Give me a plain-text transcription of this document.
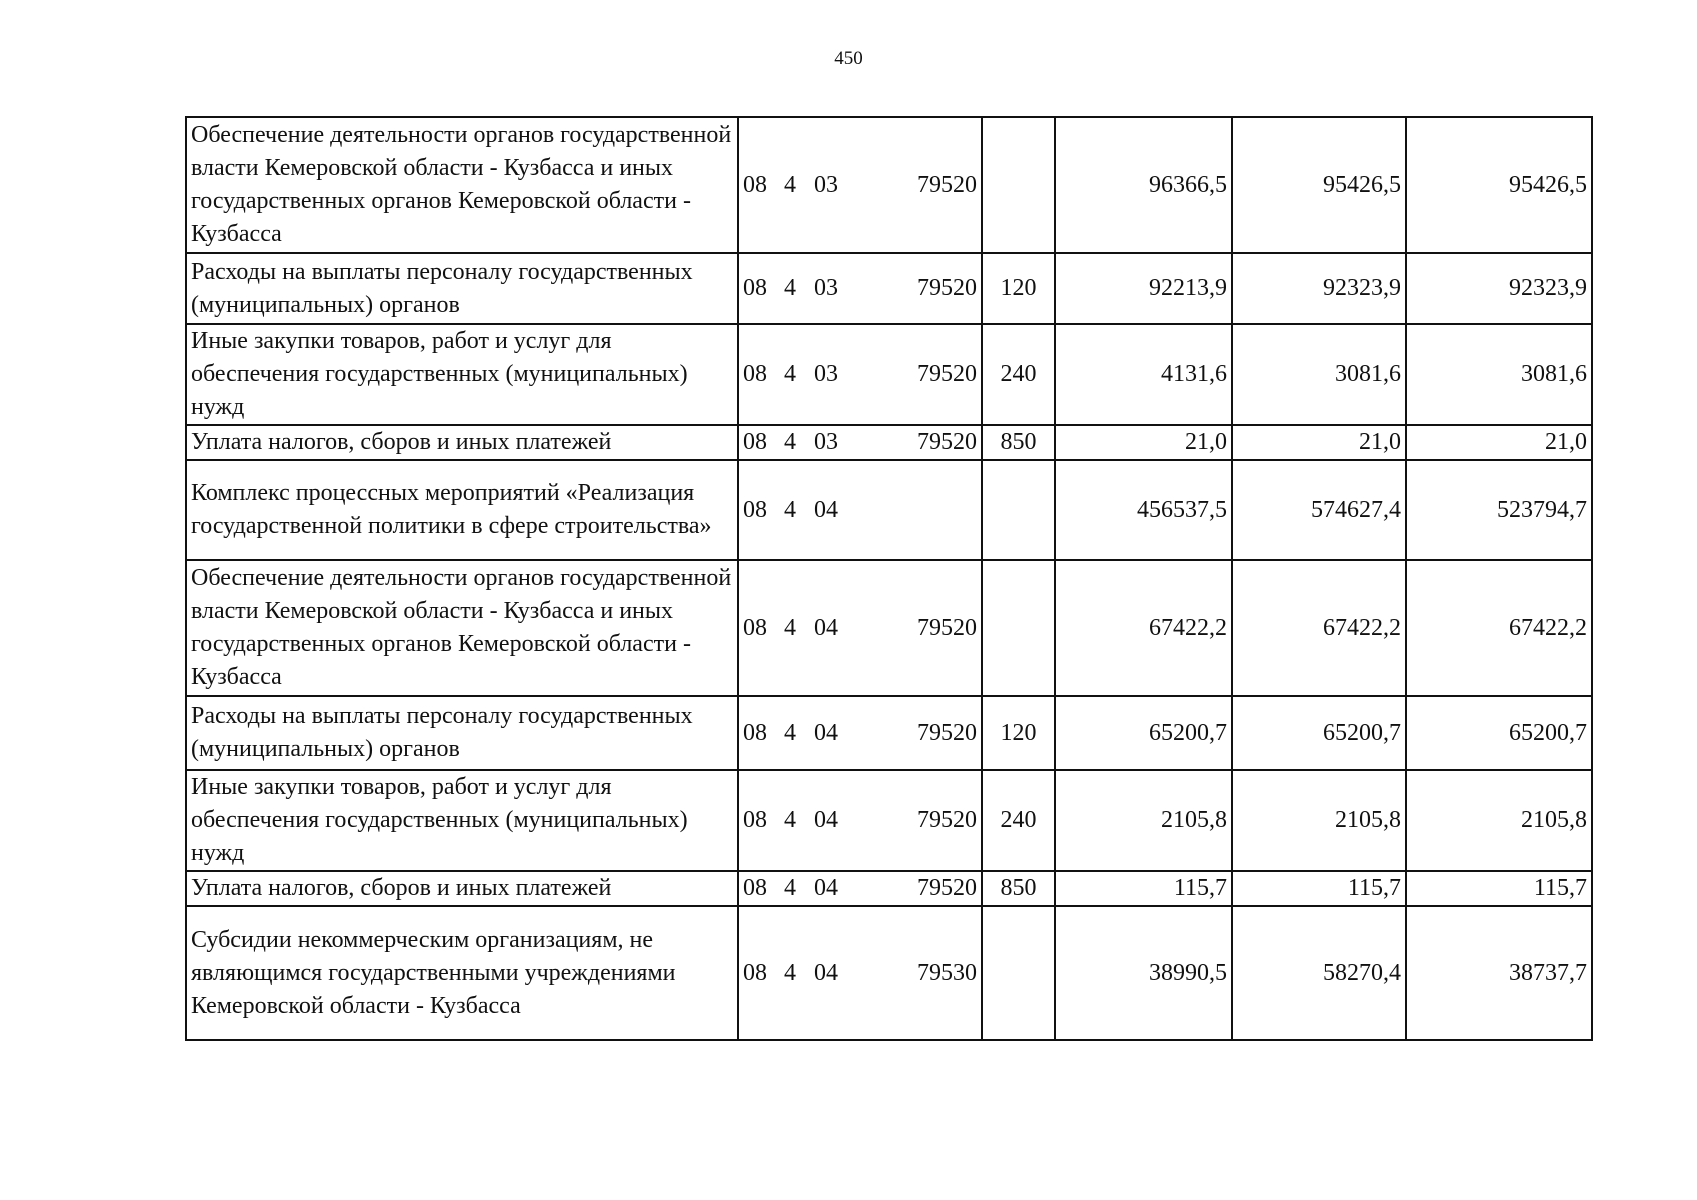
450
Обеспечение деятельности органов государственной власти Кемеровской области - Кузбасса и иных государственных органов Кемеровской области - Кузбасса	08 4 03 79520		96366,5	95426,5	95426,5
Расходы на выплаты персоналу государственных (муниципальных) органов	08 4 03 79520	120	92213,9	92323,9	92323,9
Иные закупки товаров, работ и услуг для обеспечения государственных (муниципальных) нужд	08 4 03 79520	240	4131,6	3081,6	3081,6
Уплата налогов, сборов и иных платежей	08 4 03 79520	850	21,0	21,0	21,0
Комплекс процессных мероприятий «Реализация государственной политики в сфере строительства»	08 4 04		456537,5	574627,4	523794,7
Обеспечение деятельности органов государственной власти Кемеровской области - Кузбасса и иных государственных органов Кемеровской области - Кузбасса	08 4 04 79520		67422,2	67422,2	67422,2
Расходы на выплаты персоналу государственных (муниципальных) органов	08 4 04 79520	120	65200,7	65200,7	65200,7
Иные закупки товаров, работ и услуг для обеспечения государственных (муниципальных) нужд	08 4 04 79520	240	2105,8	2105,8	2105,8
Уплата налогов, сборов и иных платежей	08 4 04 79520	850	115,7	115,7	115,7
Субсидии некоммерческим организациям, не являющимся государственными учреждениями Кемеровской области - Кузбасса	08 4 04 79530		38990,5	58270,4	38737,7
